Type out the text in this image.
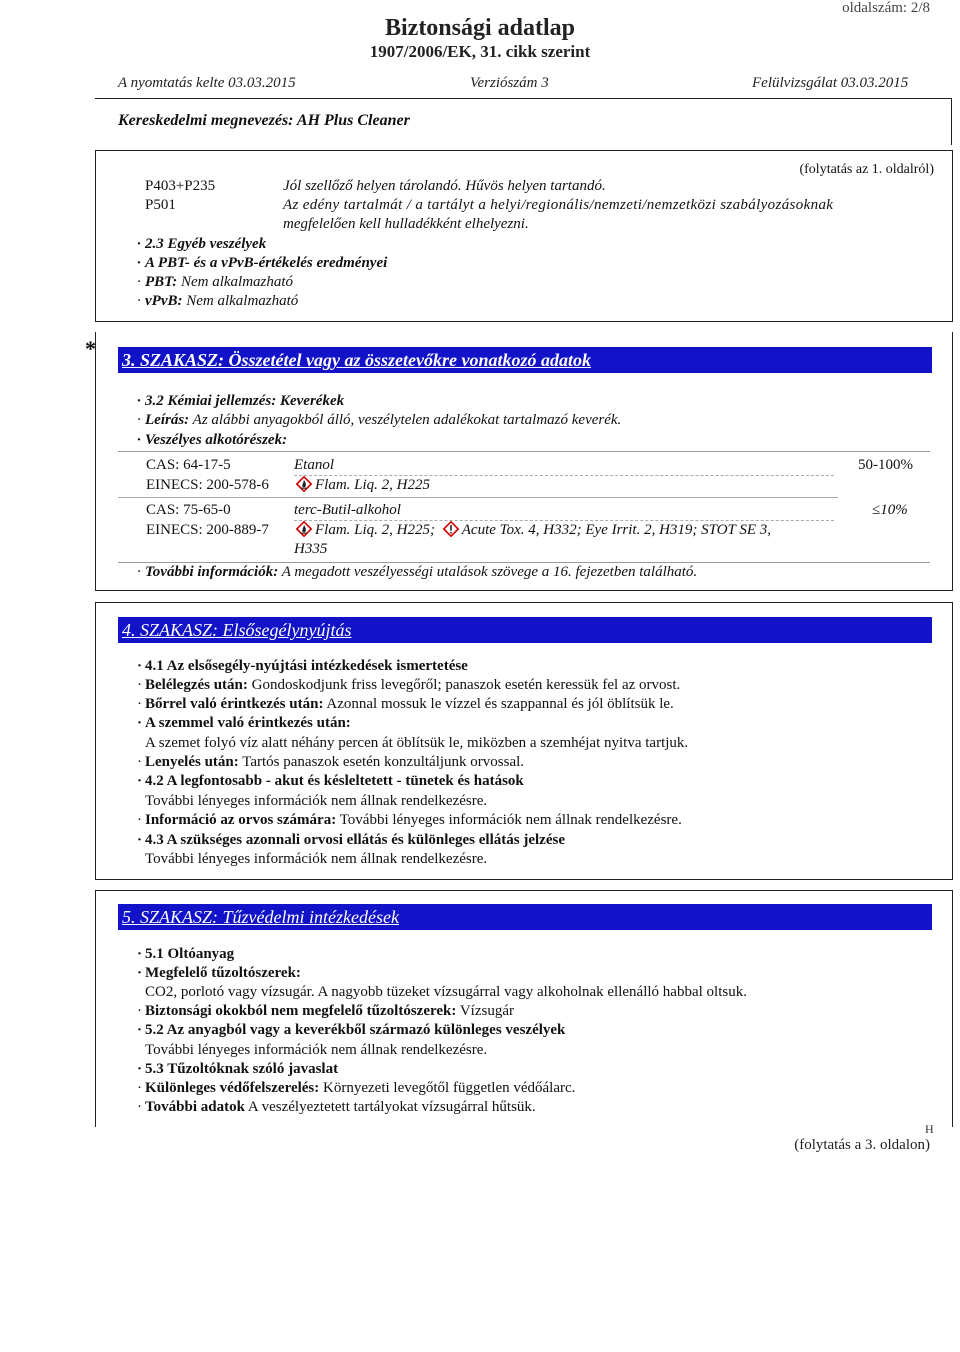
oldalszám: 2/8
Biztonsági adatlap
1907/2006/EK, 31. cikk szerint
A nyomtatás kelte 03.03.2015	Verziószám 3	Felülvizsgálat 03.03.2015
Kereskedelmi megnevezés: AH Plus Cleaner
(folytatás az 1. oldalról)
P403+P235	Jól szellőző helyen tárolandó. Hűvös helyen tartandó.
P501	Az edény tartalmát / a tartályt a helyi/regionális/nemzeti/nemzetközi szabályozásoknak
megfelelően kell hulladékként elhelyezni.
· 2.3 Egyéb veszélyek
· A PBT- és a vPvB-értékelés eredményei
· PBT: Nem alkalmazható
· vPvB: Nem alkalmazható
* 3. SZAKASZ: Összetétel vagy az összetevőkre vonatkozó adatok
· 3.2 Kémiai jellemzés: Keverékek
· Leírás: Az alábbi anyagokból álló, veszélytelen adalékokat tartalmazó keverék.
· Veszélyes alkotórészek:
CAS: 64-17-5	Etanol	50-100%
EINECS: 200-578-6	Flam. Liq. 2, H225
CAS: 75-65-0	terc-Butil-alkohol	≤10%
EINECS: 200-889-7	Flam. Liq. 2, H225; Acute Tox. 4, H332; Eye Irrit. 2, H319; STOT SE 3,
H335
· További információk: A megadott veszélyességi utalások szövege a 16. fejezetben található.
4. SZAKASZ: Elsősegélynyújtás
· 4.1 Az elsősegély-nyújtási intézkedések ismertetése
· Belélegzés után: Gondoskodjunk friss levegőről; panaszok esetén keressük fel az orvost.
· Bőrrel való érintkezés után: Azonnal mossuk le vízzel és szappannal és jól öblítsük le.
· A szemmel való érintkezés után:
A szemet folyó víz alatt néhány percen át öblítsük le, miközben a szemhéjat nyitva tartjuk.
· Lenyelés után: Tartós panaszok esetén konzultáljunk orvossal.
· 4.2 A legfontosabb - akut és késleltetett - tünetek és hatások
További lényeges információk nem állnak rendelkezésre.
· Információ az orvos számára: További lényeges információk nem állnak rendelkezésre.
· 4.3 A szükséges azonnali orvosi ellátás és különleges ellátás jelzése
További lényeges információk nem állnak rendelkezésre.
5. SZAKASZ: Tűzvédelmi intézkedések
· 5.1 Oltóanyag
· Megfelelő tűzoltószerek:
CO2, porlotó vagy vízsugár. A nagyobb tüzeket vízsugárral vagy alkoholnak ellenálló habbal oltsuk.
· Biztonsági okokból nem megfelelő tűzoltószerek: Vízsugár
· 5.2 Az anyagból vagy a keverékből származó különleges veszélyek
További lényeges információk nem állnak rendelkezésre.
· 5.3 Tűzoltóknak szóló javaslat
· Különleges védőfelszerelés: Környezeti levegőtől független védőálarc.
· További adatok A veszélyeztetett tartályokat vízsugárral hűtsük.
H
(folytatás a 3. oldalon)
